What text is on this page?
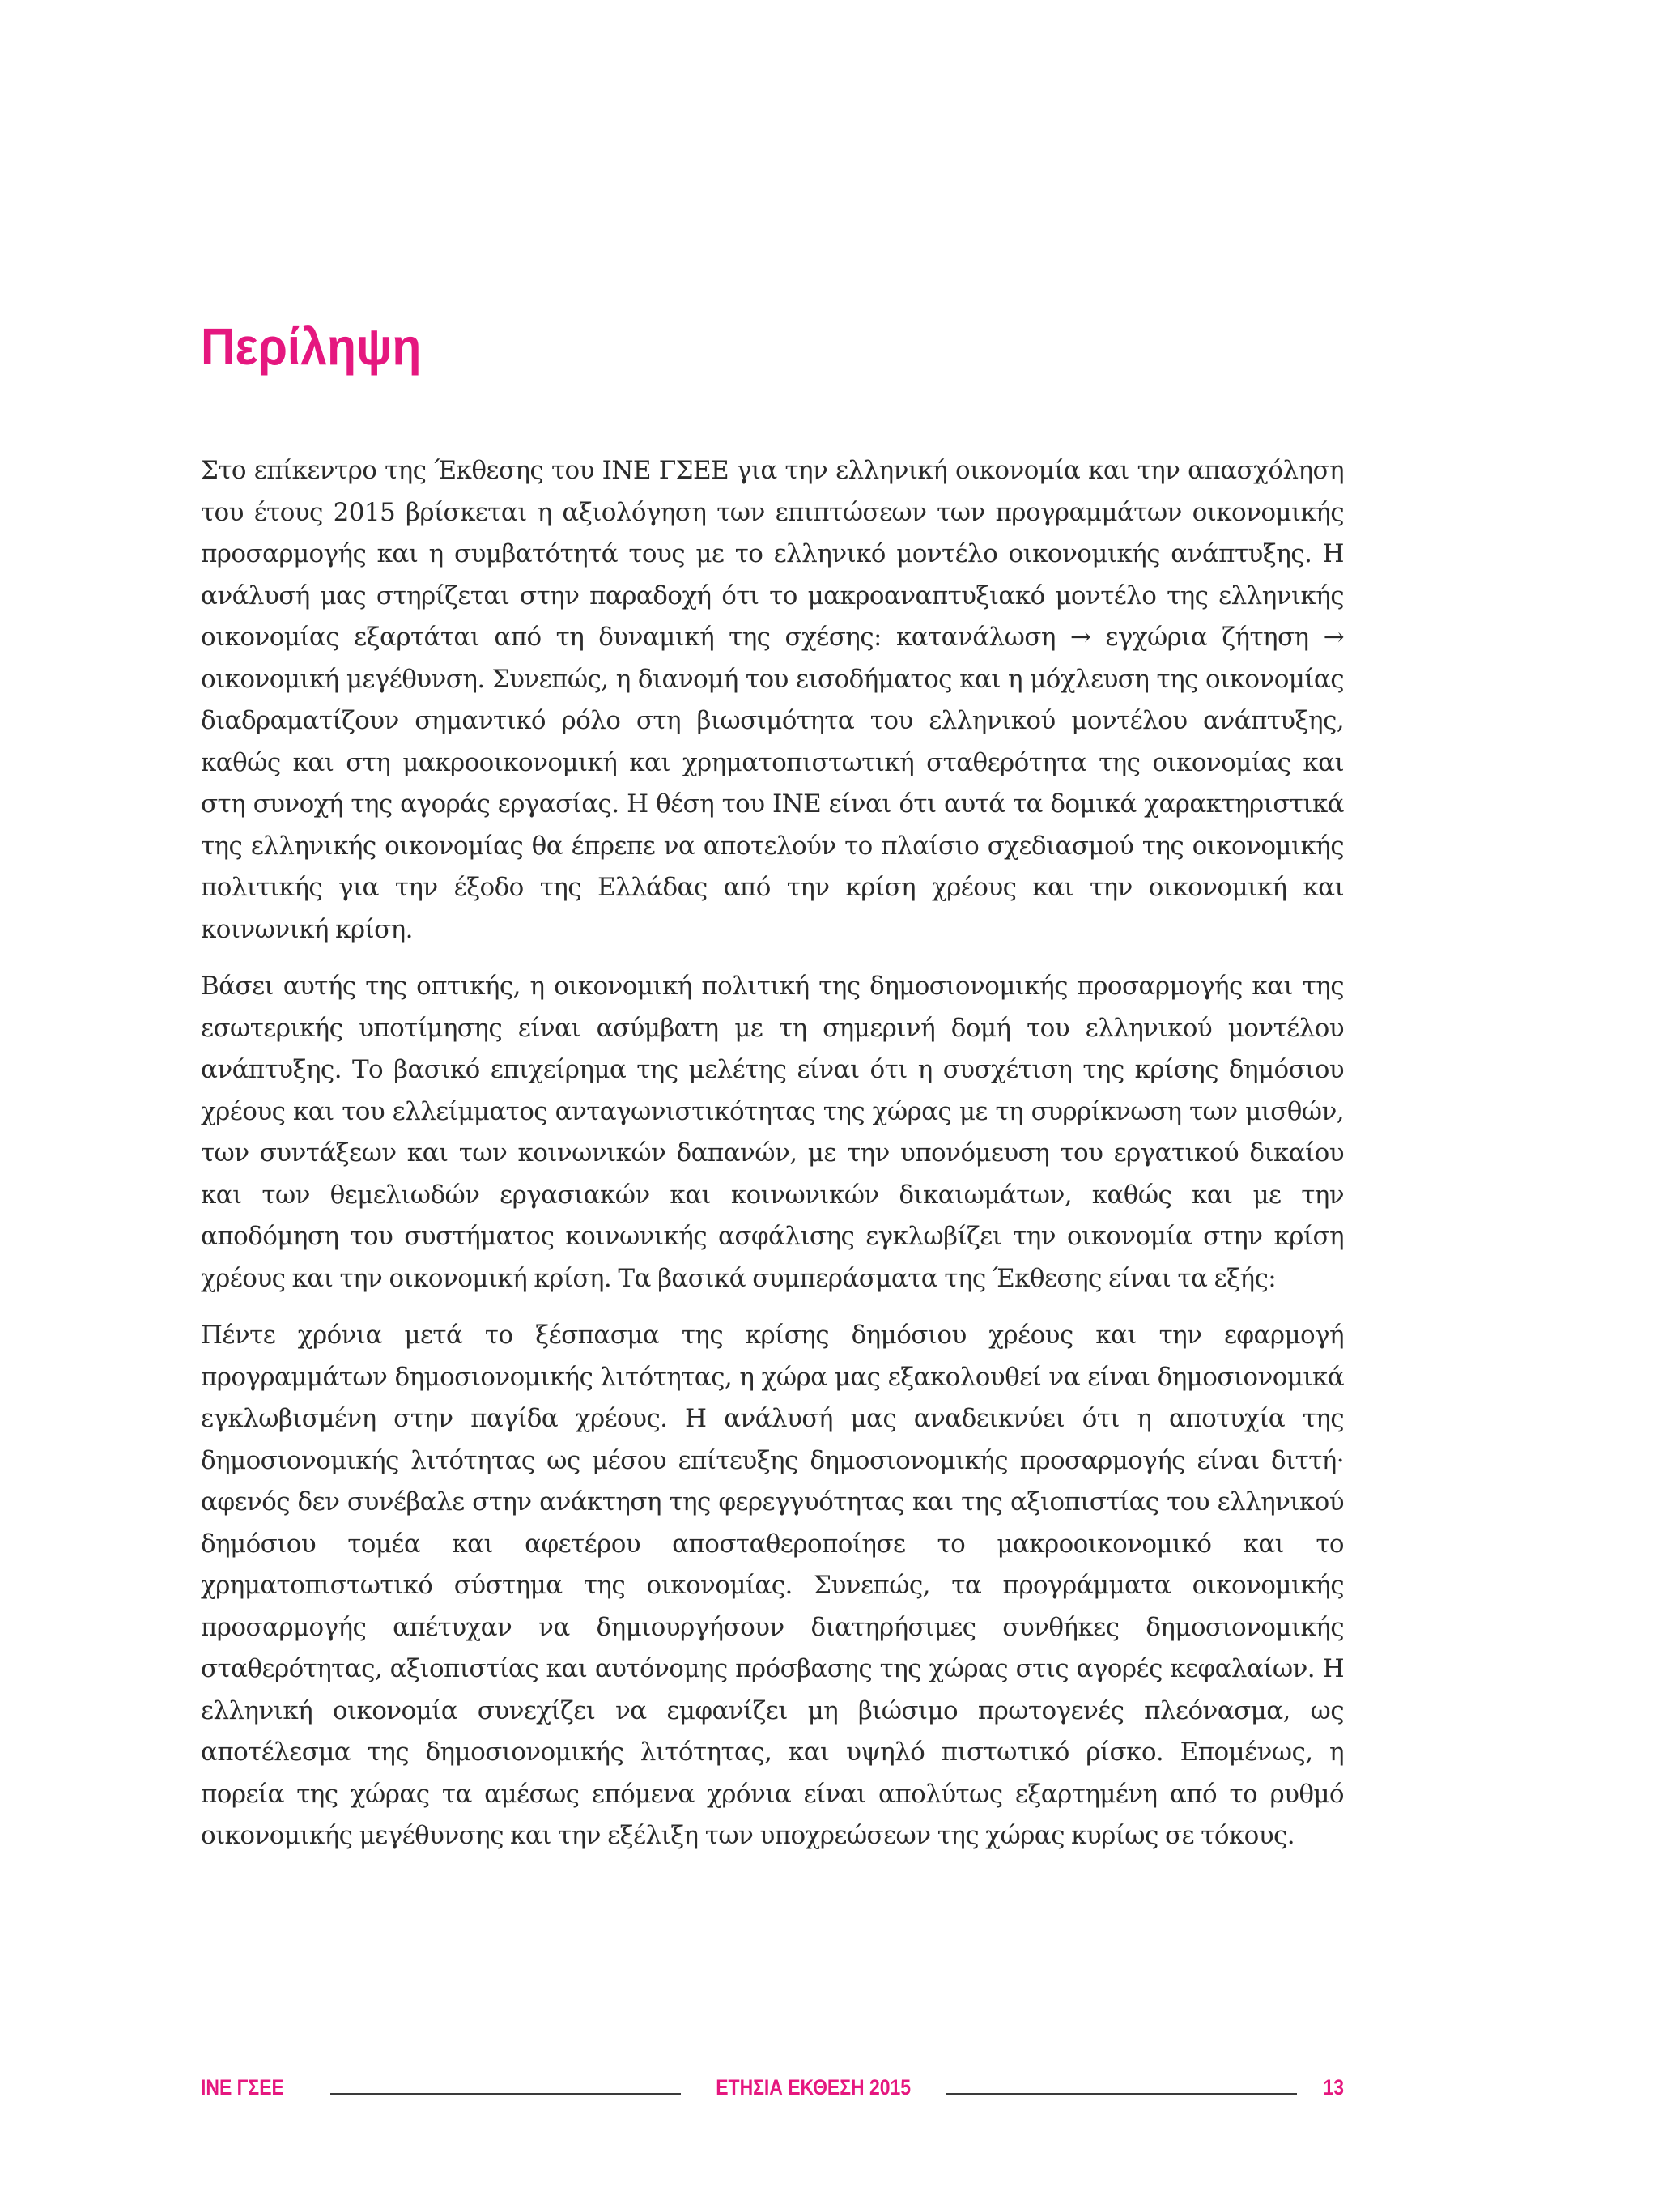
Περίληψη

Στο επίκεντρο της Έκθεσης του ΙΝΕ ΓΣΕΕ για την ελληνική οικονομία και την απασχόληση του έτους 2015 βρίσκεται η αξιολόγηση των επιπτώσεων των προγραμμάτων οικονομικής προσαρμογής και η συμβατότητά τους με το ελληνικό μοντέλο οικονομικής ανάπτυξης. Η ανάλυσή μας στηρίζεται στην παραδοχή ότι το μακροαναπτυξιακό μοντέλο της ελληνικής οικονομίας εξαρτάται από τη δυναμική της σχέσης: κατανάλωση → εγχώρια ζήτηση → οικονομική μεγέθυνση. Συνεπώς, η διανομή του εισοδήματος και η μόχλευση της οικονομίας διαδραματίζουν σημαντικό ρόλο στη βιωσιμότητα του ελληνικού μοντέλου ανάπτυξης, καθώς και στη μακροοικονομική και χρηματοπιστωτική σταθερότητα της οικονομίας και στη συνοχή της αγοράς εργασίας. Η θέση του ΙΝΕ είναι ότι αυτά τα δομικά χαρακτηριστικά της ελληνικής οικονομίας θα έπρεπε να αποτελούν το πλαίσιο σχεδιασμού της οικονομικής πολιτικής για την έξοδο της Ελλάδας από την κρίση χρέους και την οικονομική και κοινωνική κρίση.

Βάσει αυτής της οπτικής, η οικονομική πολιτική της δημοσιονομικής προσαρμογής και της εσωτερικής υποτίμησης είναι ασύμβατη με τη σημερινή δομή του ελληνικού μοντέλου ανάπτυξης. Το βασικό επιχείρημα της μελέτης είναι ότι η συσχέτιση της κρίσης δημόσιου χρέους και του ελλείμματος ανταγωνιστικότητας της χώρας με τη συρρίκνωση των μισθών, των συντάξεων και των κοινωνικών δαπανών, με την υπονόμευση του εργατικού δικαίου και των θεμελιωδών εργασιακών και κοινωνικών δικαιωμάτων, καθώς και με την αποδόμηση του συστήματος κοινωνικής ασφάλισης εγκλωβίζει την οικονομία στην κρίση χρέους και την οικονομική κρίση. Τα βασικά συμπεράσματα της Έκθεσης είναι τα εξής:

Πέντε χρόνια μετά το ξέσπασμα της κρίσης δημόσιου χρέους και την εφαρμογή προγραμμάτων δημοσιονομικής λιτότητας, η χώρα μας εξακολουθεί να είναι δημοσιονομικά εγκλωβισμένη στην παγίδα χρέους. Η ανάλυσή μας αναδεικνύει ότι η αποτυχία της δημοσιονομικής λιτότητας ως μέσου επίτευξης δημοσιονομικής προσαρμογής είναι διττή· αφενός δεν συνέβαλε στην ανάκτηση της φερεγγυότητας και της αξιοπιστίας του ελληνικού δημόσιου τομέα και αφετέρου αποσταθεροποίησε το μακροοικονομικό και το χρηματοπιστωτικό σύστημα της οικονομίας. Συνεπώς, τα προγράμματα οικονομικής προσαρμογής απέτυχαν να δημιουργήσουν διατηρήσιμες συνθήκες δημοσιονομικής σταθερότητας, αξιοπιστίας και αυτόνομης πρόσβασης της χώρας στις αγορές κεφαλαίων. Η ελληνική οικονομία συνεχίζει να εμφανίζει μη βιώσιμο πρωτογενές πλεόνασμα, ως αποτέλεσμα της δημοσιονομικής λιτότητας, και υψηλό πιστωτικό ρίσκο. Επομένως, η πορεία της χώρας τα αμέσως επόμενα χρόνια είναι απολύτως εξαρτημένη από το ρυθμό οικονομικής μεγέθυνσης και την εξέλιξη των υποχρεώσεων της χώρας κυρίως σε τόκους.

ΙΝΕ ΓΣΕΕ	ΕΤΗΣΙΑ ΕΚΘΕΣΗ 2015	13
